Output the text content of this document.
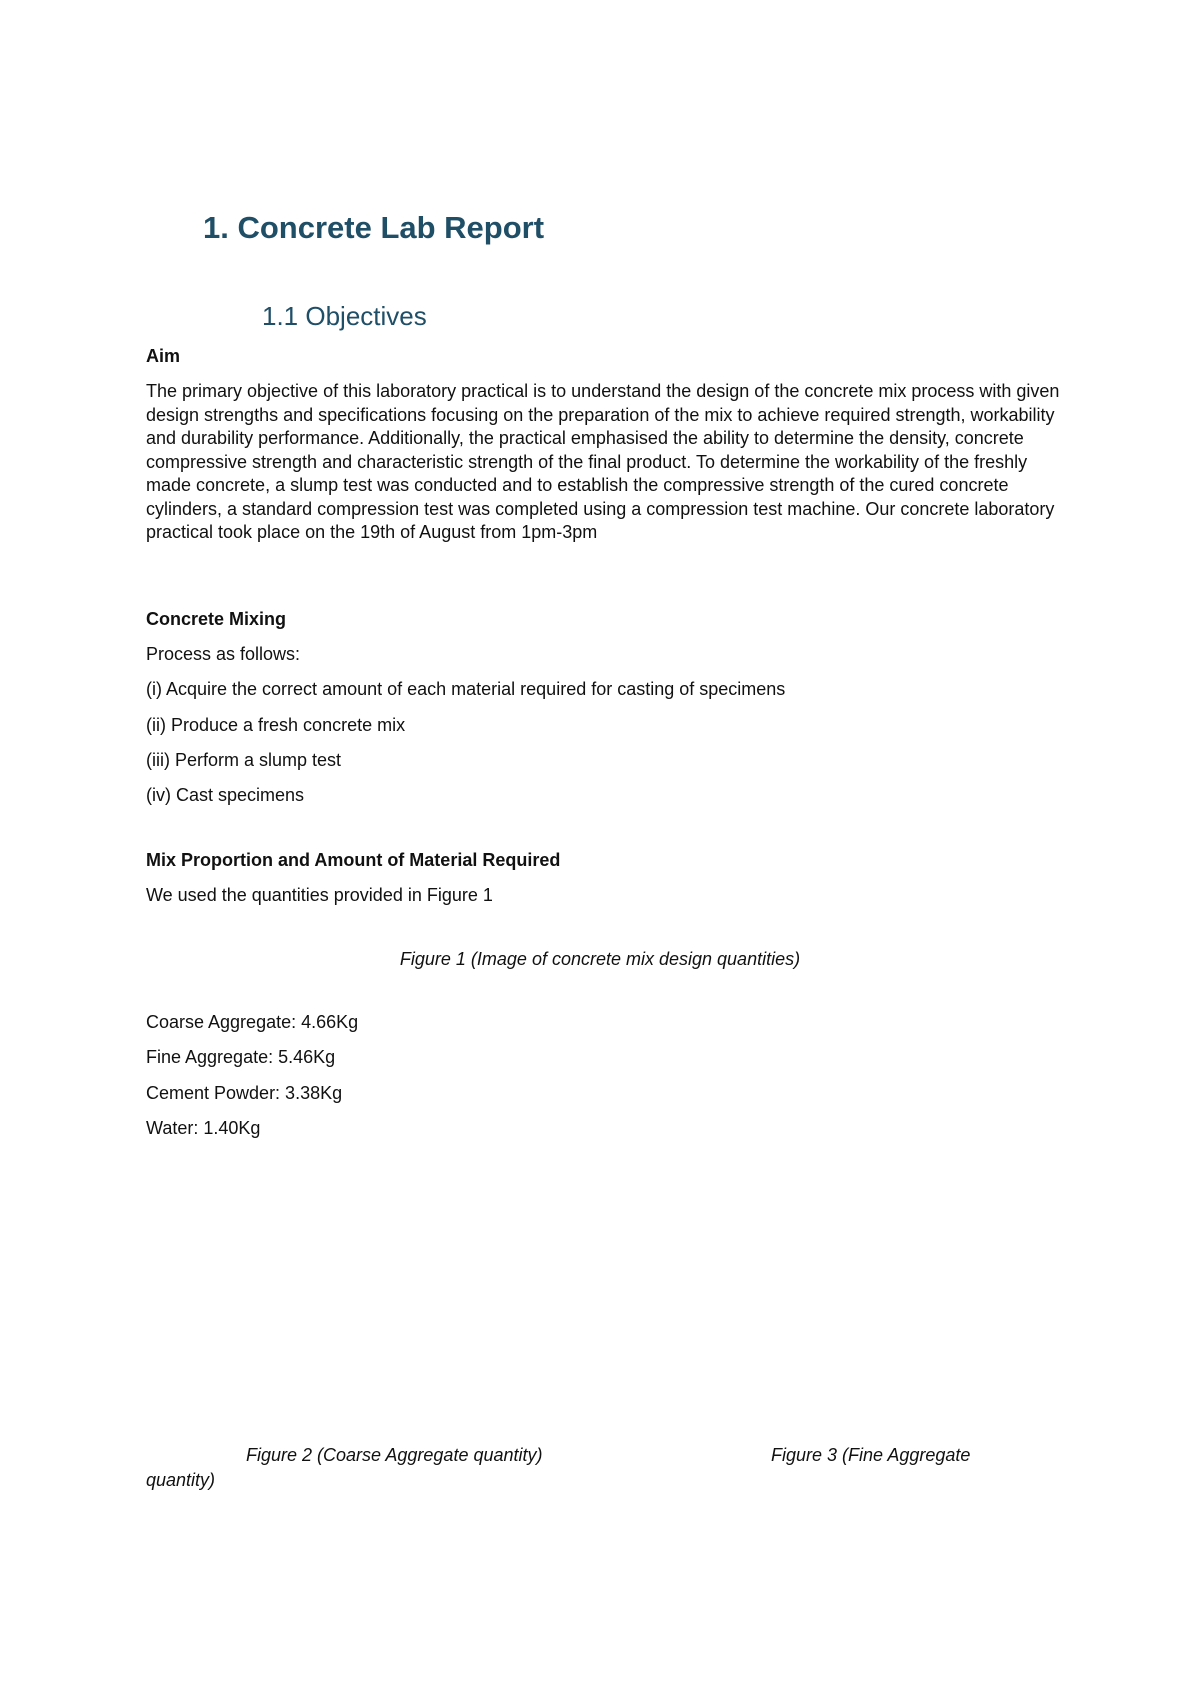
1. Concrete Lab Report
1.1 Objectives
Aim
The primary objective of this laboratory practical is to understand the design of the concrete mix process with given design strengths and specifications focusing on the preparation of the mix to achieve required strength, workability and durability performance. Additionally, the practical emphasised the ability to determine the density, concrete compressive strength and characteristic strength of the final product. To determine the workability of the freshly made concrete, a slump test was conducted and to establish the compressive strength of the cured concrete cylinders, a standard compression test was completed using a compression test machine. Our concrete laboratory practical took place on the 19th of August from 1pm-3pm
Concrete Mixing
Process as follows:
(i) Acquire the correct amount of each material required for casting of specimens
(ii) Produce a fresh concrete mix
(iii) Perform a slump test
(iv) Cast specimens
Mix Proportion and Amount of Material Required
We used the quantities provided in Figure 1
Figure 1 (Image of concrete mix design quantities)
Coarse Aggregate: 4.66Kg
Fine Aggregate: 5.46Kg
Cement Powder: 3.38Kg
Water: 1.40Kg
Figure 2 (Coarse Aggregate quantity)	Figure 3 (Fine Aggregate
quantity)
